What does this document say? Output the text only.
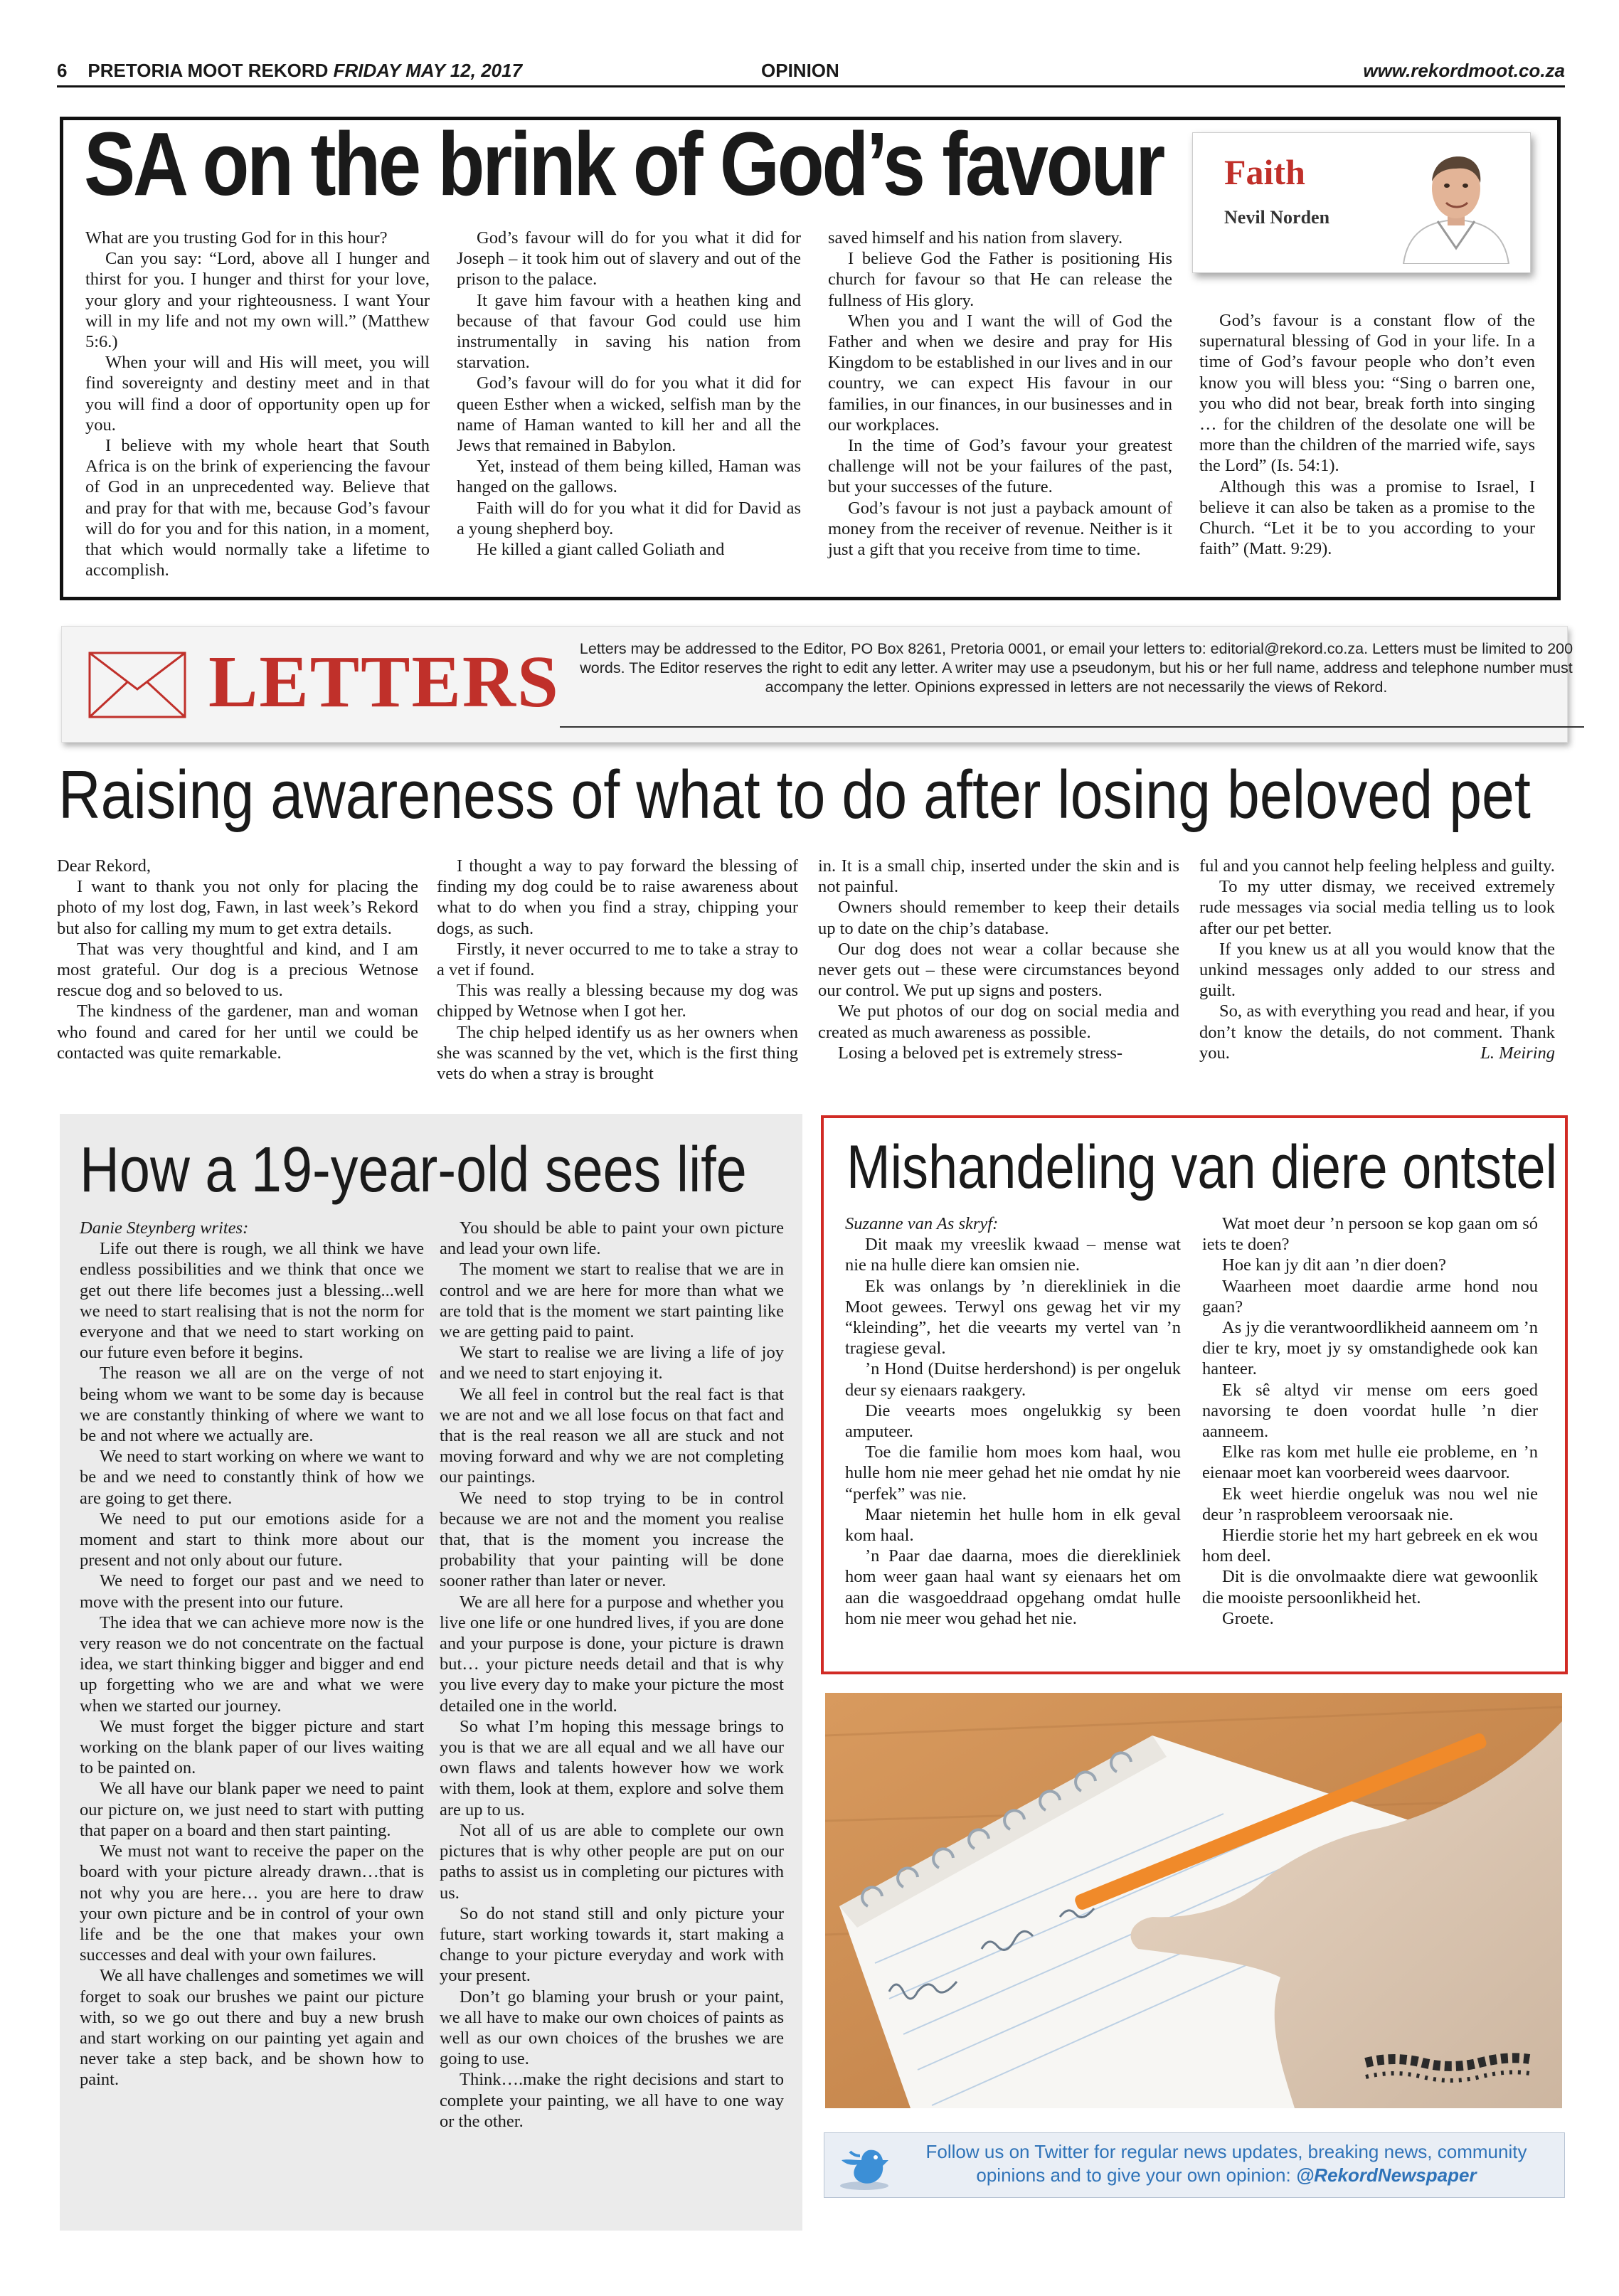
6 PRETORIA MOOT REKORD FRIDAY MAY 12, 2017	OPINION	www.rekordmoot.co.za
SA on the brink of God’s favour

What are you trusting God for in this hour?

Can you say: “Lord, above all I hunger and thirst for you. I hunger and thirst for your love, your glory and your righteousness. I want Your will in my life and not my own will.” (Matthew 5:6.)

When your will and His will meet, you will find sovereignty and destiny meet and in that you will find a door of opportunity open up for you.

I believe with my whole heart that South Africa is on the brink of experiencing the favour of God in an unprecedented way. Believe that and pray for that with me, because God’s favour will do for you and for this nation, in a moment, that which would normally take a lifetime to accomplish.

God’s favour will do for you what it did for Joseph – it took him out of slavery and out of the prison to the palace.

It gave him favour with a heathen king and because of that favour God could use him instrumentally in saving his nation from starvation.

God’s favour will do for you what it did for queen Esther when a wicked, selfish man by the name of Haman wanted to kill her and all the Jews that remained in Babylon.

Yet, instead of them being killed, Haman was hanged on the gallows.

Faith will do for you what it did for David as a young shepherd boy.

He killed a giant called Goliath and

saved himself and his nation from slavery.

I believe God the Father is positioning His church for favour so that He can release the fullness of His glory.

When you and I want the will of God the Father and when we desire and pray for His Kingdom to be established in our lives and in our country, we can expect His favour in our families, in our finances, in our businesses and in our workplaces.

In the time of God’s favour your greatest challenge will not be your failures of the past, but your successes of the future.

God’s favour is not just a payback amount of money from the receiver of revenue. Neither is it just a gift that you receive from time to time.

God’s favour is a constant flow of the supernatural blessing of God in your life. In a time of God’s favour people who don’t even know you will bless you: “Sing o barren one, you who did not bear, break forth into singing … for the children of the desolate one will be more than the children of the married wife, says the Lord” (Is. 54:1).

Although this was a promise to Israel, I believe it can also be taken as a promise to the Church. “Let it be to you according to your faith” (Matt. 9:29).

Faith
Nevil Norden
LETTERS	Letters may be addressed to the Editor, PO Box 8261, Pretoria 0001, or email your letters to: editorial@rekord.co.za. Letters must be limited to 200 words. The Editor reserves the right to edit any letter. A writer may use a pseudonym, but his or her full name, address and telephone number must accompany the letter. Opinions expressed in letters are not necessarily the views of Rekord.
Raising awareness of what to do after losing beloved pet

Dear Rekord,

I want to thank you not only for placing the photo of my lost dog, Fawn, in last week’s Rekord but also for calling my mum to get extra details.

That was very thoughtful and kind, and I am most grateful. Our dog is a precious Wetnose rescue dog and so beloved to us.

The kindness of the gardener, man and woman who found and cared for her until we could be contacted was quite remarkable.

I thought a way to pay forward the blessing of finding my dog could be to raise awareness about what to do when you find a stray, chipping your dogs, as such.

Firstly, it never occurred to me to take a stray to a vet if found.

This was really a blessing because my dog was chipped by Wetnose when I got her.

The chip helped identify us as her owners when she was scanned by the vet, which is the first thing vets do when a stray is brought

in. It is a small chip, inserted under the skin and is not painful.

Owners should remember to keep their details up to date on the chip’s database.

Our dog does not wear a collar because she never gets out – these were circumstances beyond our control. We put up signs and posters.

We put photos of our dog on social media and created as much awareness as possible.

Losing a beloved pet is extremely stress-

ful and you cannot help feeling helpless and guilty.

To my utter dismay, we received extremely rude messages via social media telling us to look after our pet better.

If you knew us at all you would know that the unkind messages only added to our stress and guilt.

So, as with everything you read and hear, if you don’t know the details, do not comment. Thank you.	L. Meiring
How a 19-year-old sees life

Danie Steynberg writes:

Life out there is rough, we all think we have endless possibilities and we think that once we get out there life becomes just a blessing...well we need to start realising that is not the norm for everyone and that we need to start working on our future even before it begins.

The reason we all are on the verge of not being whom we want to be some day is because we are constantly thinking of where we want to be and not where we actually are.

We need to start working on where we want to be and we need to constantly think of how we are going to get there.

We need to put our emotions aside for a moment and start to think more about our present and not only about our future.

We need to forget our past and we need to move with the present into our future.

The idea that we can achieve more now is the very reason we do not concentrate on the factual idea, we start thinking bigger and bigger and end up forgetting who we are and what we were when we started our journey.

We must forget the bigger picture and start working on the blank paper of our lives waiting to be painted on.

We all have our blank paper we need to paint our picture on, we just need to start with putting that paper on a board and then start painting.

We must not want to receive the paper on the board with your picture already drawn…that is not why you are here… you are here to draw your own picture and be in control of your own life and be the one that makes your own successes and deal with your own failures.

We all have challenges and sometimes we will forget to soak our brushes we paint our picture with, so we go out there and buy a new brush and start working on our painting yet again and never take a step back, and be shown how to paint.

You should be able to paint your own picture and lead your own life.

The moment we start to realise that we are in control and we are here for more than what we are told that is the moment we start painting like we are getting paid to paint.

We start to realise we are living a life of joy and we need to start enjoying it.

We all feel in control but the real fact is that we are not and we all lose focus on that fact and that is the real reason we all are stuck and not moving forward and why we are not completing our paintings.

We need to stop trying to be in control because we are not and the moment you realise that, that is the moment you increase the probability that your painting will be done sooner rather than later or never.

We are all here for a purpose and whether you live one life or one hundred lives, if you are done and your purpose is done, your picture is drawn but… your picture needs detail and that is why you live every day to make your picture the most detailed one in the world.

So what I’m hoping this message brings to you is that we are all equal and we all have our own flaws and talents however how we work with them, look at them, explore and solve them are up to us.

Not all of us are able to complete our own pictures that is why other people are put on our paths to assist us in completing our pictures with us.

So do not stand still and only picture your future, start working towards it, start making a change to your picture everyday and work with your present.

Don’t go blaming your brush or your paint, we all have to make our own choices of paints as well as our own choices of the brushes we are going to use.

Think….make the right decisions and start to complete your painting, we all have to one way or the other.

Mishandeling van diere ontstel

Suzanne van As skryf:

Dit maak my vreeslik kwaad – mense wat nie na hulle diere kan omsien nie.

Ek was onlangs by ’n dierekliniek in die Moot gewees. Terwyl ons gewag het vir my “kleinding”, het die veearts my vertel van ’n tragiese geval.

’n Hond (Duitse herdershond) is per ongeluk deur sy eienaars raakgery.

Die veearts moes ongelukkig sy been amputeer.

Toe die familie hom moes kom haal, wou hulle hom nie meer gehad het nie omdat hy nie “perfek” was nie.

Maar nietemin het hulle hom in elk geval kom haal.

’n Paar dae daarna, moes die dierekliniek hom weer gaan haal want sy eienaars het om aan die wasgoeddraad opgehang omdat hulle hom nie meer wou gehad het nie.

Wat moet deur ’n persoon se kop gaan om só iets te doen?

Hoe kan jy dit aan ’n dier doen?

Waarheen moet daardie arme hond nou gaan?

As jy die verantwoordlikheid aanneem om ’n dier te kry, moet jy sy omstandighede ook kan hanteer.

Ek sê altyd vir mense om eers goed navorsing te doen voordat hulle ’n dier aanneem.

Elke ras kom met hulle eie probleme, en ’n eienaar moet kan voorbereid wees daarvoor.

Ek weet hierdie ongeluk was nou wel nie deur ’n rasprobleem veroorsaak nie.

Hierdie storie het my hart gebreek en ek wou hom deel.

Dit is die onvolmaakte diere wat gewoonlik die mooiste persoonlikheid het.

Groete.

Follow us on Twitter for regular news updates, breaking news, community
opinions and to give your own opinion: @RekordNewspaper
